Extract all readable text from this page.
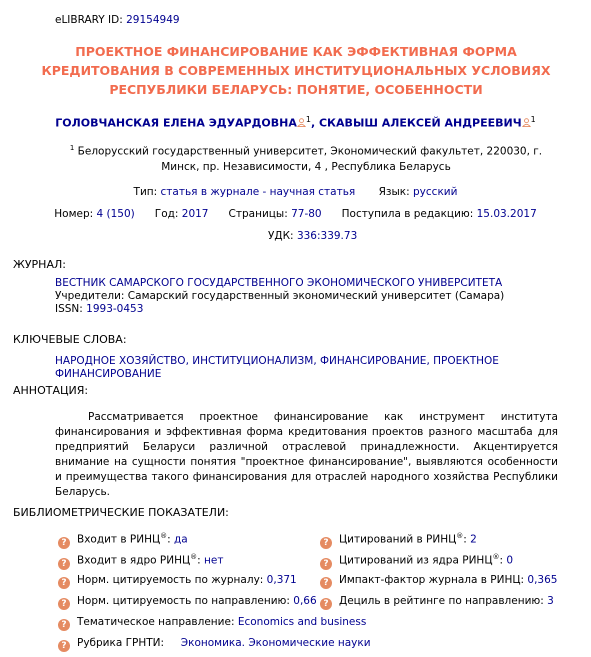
eLIBRARY ID: 29154949
ПРОЕКТНОЕ ФИНАНСИРОВАНИЕ КАК ЭФФЕКТИВНАЯ ФОРМА КРЕДИТОВАНИЯ В СОВРЕМЕННЫХ ИНСТИТУЦИОНАЛЬНЫХ УСЛОВИЯХ РЕСПУБЛИКИ БЕЛАРУСЬ: ПОНЯТИЕ, ОСОБЕННОСТИ
ГОЛОВЧАНСКАЯ ЕЛЕНА ЭДУАРДОВНА $^1$, СКАВЫШ АЛЕКСЕЙ АНДРЕЕВИЧ $^1$
$^1$ Белорусский государственный университет, Экономический факультет, 220030, г. Минск, пр. Независимости, 4 , Республика Беларусь
Тип: статья в журнале - научная статья Язык: русский
Номер: 4 (150) Год: 2017 Страницы: 77-80 Поступила в редакцию: 15.03.2017
УДК: 336:339.73
ЖУРНАЛ:
ВЕСТНИК САМАРСКОГО ГОСУДАРСТВЕННОГО ЭКОНОМИЧЕСКОГО УНИВЕРСИТЕТА
Учредители: Самарский государственный экономический университет (Самара)
ISSN: 1993-0453
КЛЮЧЕВЫЕ СЛОВА:
НАРОДНОЕ ХОЗЯЙСТВО, ИНСТИТУЦИОНАЛИЗМ, ФИНАНСИРОВАНИЕ, ПРОЕКТНОЕ ФИНАНСИРОВАНИЕ
АННОТАЦИЯ:

Рассматривается проектное финансирование как инструмент института финансирования и эффективная форма кредитования проектов разного масштаба для предприятий Беларуси различной отраслевой принадлежности. Акцентируется внимание на сущности понятия "проектное финансирование", выявляются особенности и преимущества такого финансирования для отраслей народного хозяйства Республики Беларусь.

БИБЛИОМЕТРИЧЕСКИЕ ПОКАЗАТЕЛИ:
? Входит в РИНЦ®: да
? Входит в ядро РИНЦ®: нет
? Норм. цитируемость по журналу: 0,371
? Норм. цитируемость по направлению: 0,66
? Тематическое направление: Economics and business
? Рубрика ГРНТИ: Экономика. Экономические науки
? Цитирований в РИНЦ®: 2
? Цитирований из ядра РИНЦ®: 0
? Импакт-фактор журнала в РИНЦ: 0,365
? Дециль в рейтинге по направлению: 3
